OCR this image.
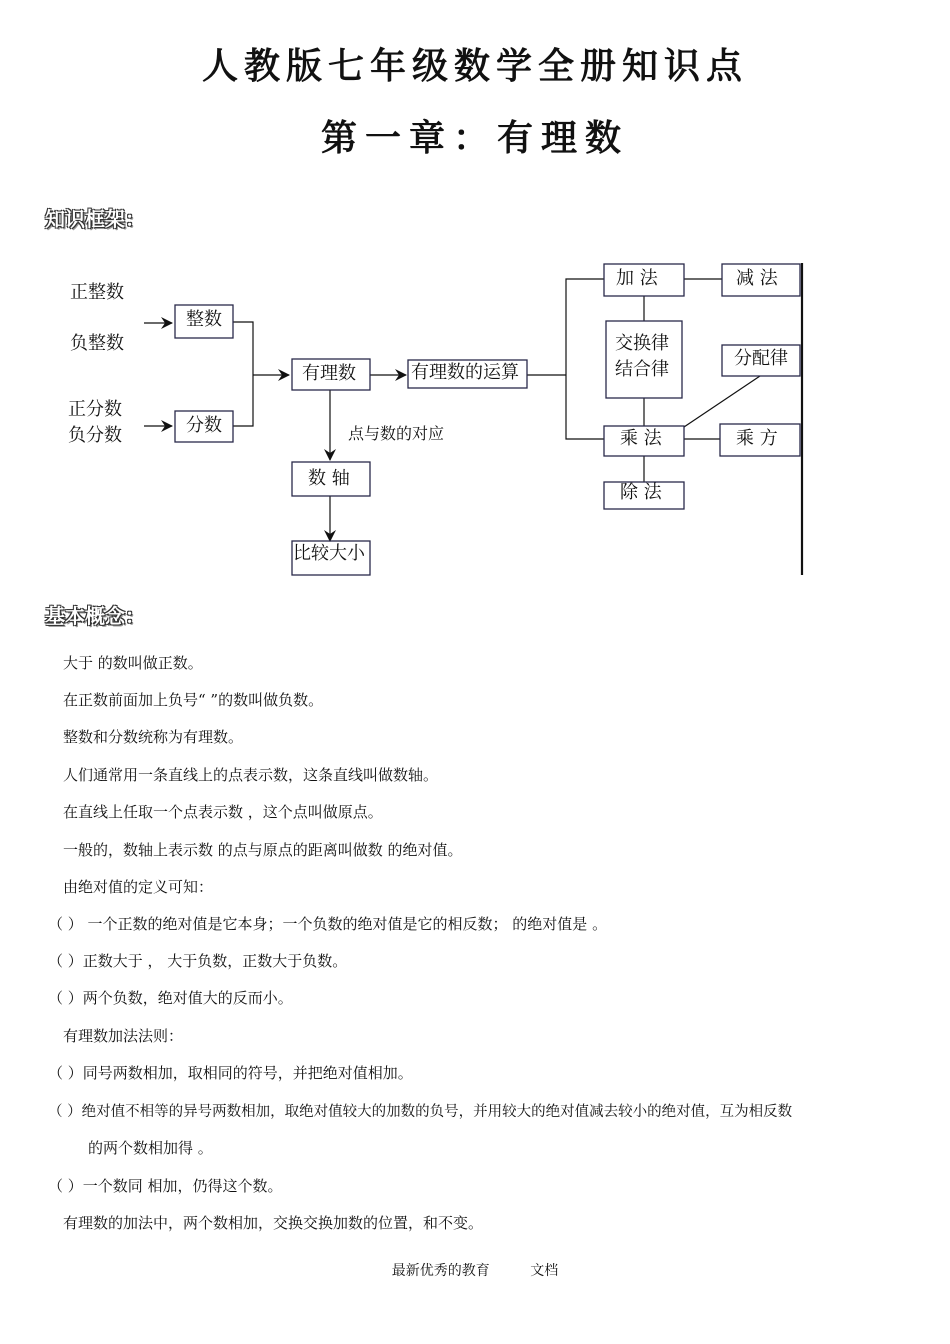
人教版七年级数学全册知识点
第一章：有理数
知识框架：
正整数
负整数
正分数
负分数
整数
分数
有理数	有理数的运算
点与数的对应
数 轴
比较大小
加 法	减 法
交换律
结合律
分配律
乘 法	乘 方
除 法
基本概念：
大于 的数叫做正数。
在正数前面加上负号“ ”的数叫做负数。
整数和分数统称为有理数。
人们通常用一条直线上的点表示数，这条直线叫做数轴。
在直线上任取一个点表示数 ，这个点叫做原点。
一般的，数轴上表示数 的点与原点的距离叫做数 的绝对值。
由绝对值的定义可知：
（ ） 一个正数的绝对值是它本身；一个负数的绝对值是它的相反数； 的绝对值是 。
（ ）正数大于 ， 大于负数，正数大于负数。
（ ）两个负数，绝对值大的反而小。
有理数加法法则：
（ ）同号两数相加，取相同的符号，并把绝对值相加。
（ ）绝对值不相等的异号两数相加，取绝对值较大的加数的负号，并用较大的绝对值减去较小的绝对值，互为相反数
的两个数相加得 。
（ ）一个数同 相加，仍得这个数。
有理数的加法中，两个数相加，交换交换加数的位置，和不变。
最新优秀的教育	文档
